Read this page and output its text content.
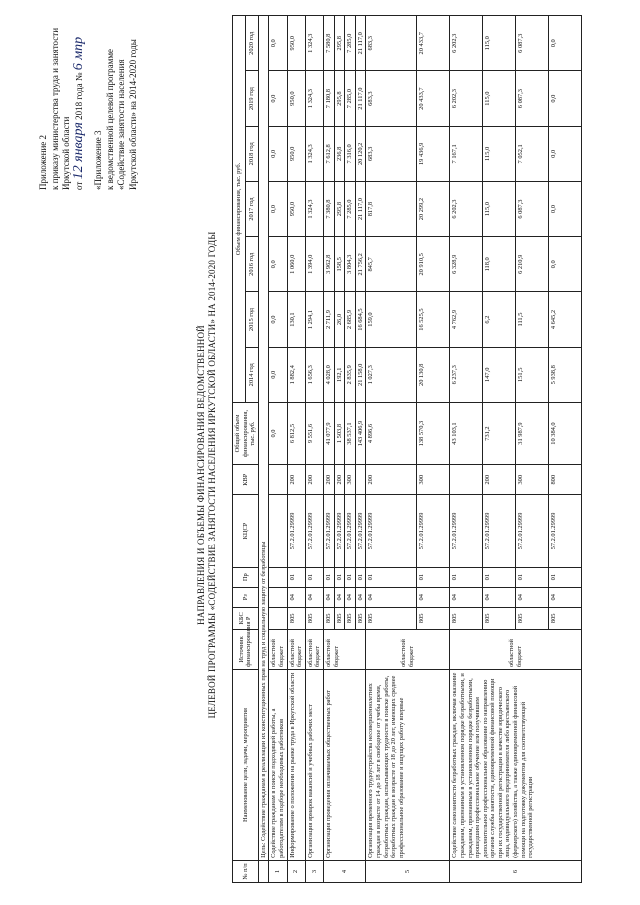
Приложение 2 к приказу министерства труда и занятости Иркутской области от 12 января 2018 года № 6 мпр
«Приложение 3 к ведомственной целевой программе «Содействие занятости населения Иркутской области» на 2014-2020 годы
НАПРАВЛЕНИЯ И ОБЪЕМЫ ФИНАНСИРОВАНИЯ ВЕДОМСТВЕННОЙ ЦЕЛЕВОЙ ПРОГРАММЫ «СОДЕЙСТВИЕ ЗАНЯТОСТИ НАСЕЛЕНИЯ ИРКУТСКОЙ ОБЛАСТИ» НА 2014-2020 ГОДЫ
№ п/п	Наименование цели, задачи, мероприятия	Источник финансирования	КБС Р	Рз	Пр	КЦСР	КВР	Общий объем финансирования, тыс. руб.	Объем финансирования, тыс. руб.						
									2014 год	2015 год	2016 год	2017 год	2018 год	2019 год	2020 год
	Цель: Содействие гражданам в реализации их конституционных прав на труд и социальную защиту от безработицы														
1	Содействие гражданам в поиске подходящей работы, а работодателям в подборе необходимых работников	областной бюджет						0,0	0,0	0,0	0,0	0,0	0,0	0,0	0,0
2	Информирование о положении на рынке труда в Иркутской области	областной бюджет	805	04	01	57.2.01.29999	200	6 812,5	1 882,4	130,1	1 060,0	950,0	950,0	950,0	950,0
3	Организация ярмарок вакансий и учебных рабочих мест	областной бюджет	805	04	01	57.2.01.29999	200	9 551,6	1 656,3	1 294,1	1 394,0	1 324,3	1 324,3	1 324,3	1 324,3
4	Организация проведения оплачиваемых общественных работ	областной бюджет	805	04	01	57.2.01.29999	200	41 077,9	4 028,0	2 711,9	3 962,8	7 380,8	7 612,8	7 180,8	7 580,8
			805	04	01	57.2.01.29999	200	1 503,8	192,1	26,0	158,5	295,8	236,8	295,8	295,8
			805	04	01	57.2.01.29999	300	38 537,1	2 835,9	2 685,9	3 804,3	7 285,0	7 316,0	7 285,0	7 285,0
			805	04	01	57.2.01.29999		143 406,9	21 158,0	16 684,5	21 756,2	21 117,0	20 120,2	21 117,0	21 117,0
5	Организация временного трудоустройства несовершеннолетних граждан в возрасте от 14 до 18 лет в свободное от учебы время, безработных граждан, испытывающих трудности в поиске работы, безработных граждан в возрасте от 18 до 20 лет, имеющих среднее профессиональное образование и ищущих работу впервые	областной бюджет	805	04	01	57.2.01.29999	200	4 896,6	1 027,3	159,0	845,7	817,8	683,3	683,3	683,3
			805	04	01	57.2.01.29999	300	138 570,3	20 130,8	16 525,5	20 910,5	20 299,2	19 436,9	20 433,7	20 433,7
6	Содействие самозанятости безработных граждан, включая оказание гражданам, признанным в установленном порядке безработными, и гражданам, признанным в установленном порядке безработными, прошедшим профессиональное обучение или получившим дополнительное профессиональное образование по направлению органов службы занятости, единовременной финансовой помощи при их государственной регистрации в качестве юридического лица, индивидуального предпринимателя либо крестьянского (фермерского) хозяйства, а также единовременной финансовой помощи на подготовку документов для соответствующей государственной регистрации	областной бюджет	805	04	01	57.2.01.29999		43 103,1	6 237,3	4 762,9	6 328,9	6 202,3	7 167,1	6 202,3	6 202,3
			805	04	01	57.2.01.29999	200	731,2	147,0	6,2	118,0	115,0	115,0	115,0	115,0
			805	04	01	57.2.01.29999	300	31 987,9	151,5	111,5	6 210,9	6 087,3	7 052,1	6 087,3	6 087,3
			805	04	01	57.2.01.29999	800	10 384,0	5 938,8	4 645,2	0,0	0,0	0,0	0,0	0,0
